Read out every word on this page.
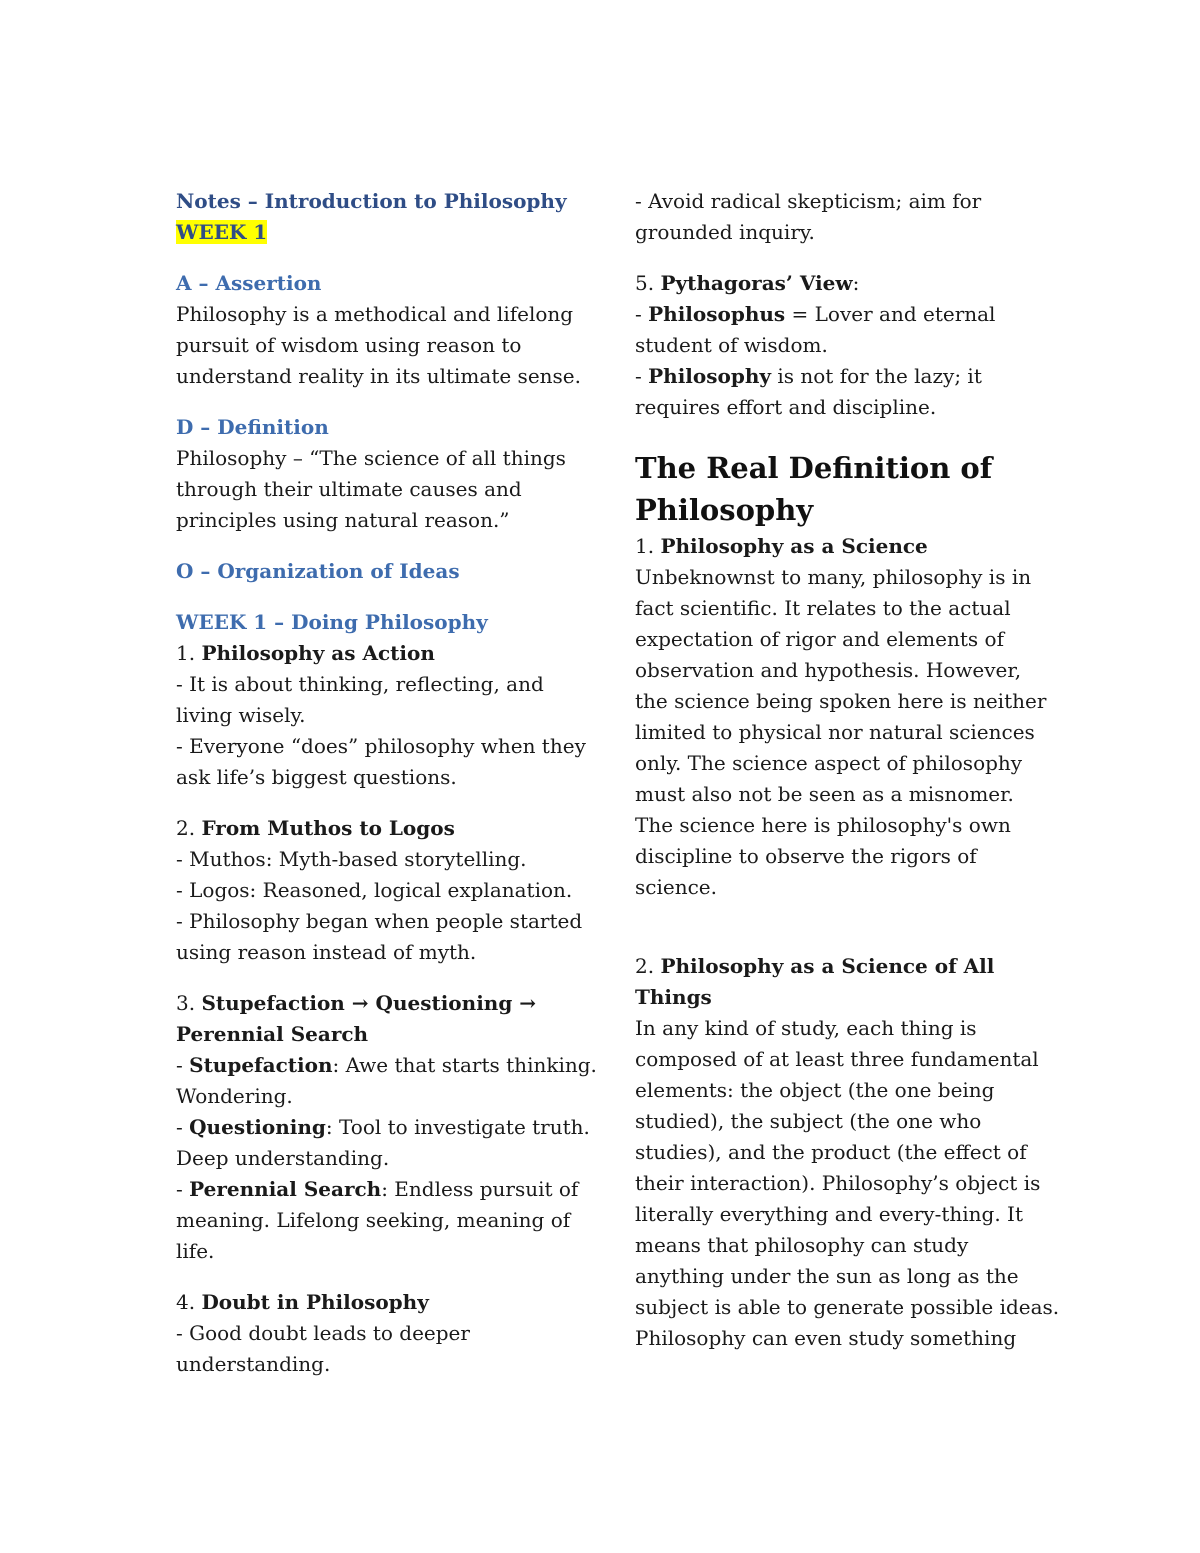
Notes – Introduction to Philosophy
WEEK 1
A – Assertion
Philosophy is a methodical and lifelong
pursuit of wisdom using reason to
understand reality in its ultimate sense.
D – Definition
Philosophy – “The science of all things
through their ultimate causes and
principles using natural reason.”
O – Organization of Ideas
WEEK 1 – Doing Philosophy
1. Philosophy as Action
- It is about thinking, reflecting, and
living wisely.
- Everyone “does” philosophy when they
ask life’s biggest questions.
2. From Muthos to Logos
- Muthos: Myth-based storytelling.
- Logos: Reasoned, logical explanation.
- Philosophy began when people started
using reason instead of myth.
3. Stupefaction → Questioning →
Perennial Search
- Stupefaction: Awe that starts thinking.
Wondering.
- Questioning: Tool to investigate truth.
Deep understanding.
- Perennial Search: Endless pursuit of
meaning. Lifelong seeking, meaning of
life.
4. Doubt in Philosophy
- Good doubt leads to deeper
understanding.
- Avoid radical skepticism; aim for
grounded inquiry.
5. Pythagoras’ View:
- Philosophus = Lover and eternal
student of wisdom.
- Philosophy is not for the lazy; it
requires effort and discipline.
The Real Definition of
Philosophy
1. Philosophy as a Science
Unbeknownst to many, philosophy is in
fact scientific. It relates to the actual
expectation of rigor and elements of
observation and hypothesis. However,
the science being spoken here is neither
limited to physical nor natural sciences
only. The science aspect of philosophy
must also not be seen as a misnomer.
The science here is philosophy's own
discipline to observe the rigors of
science.
2. Philosophy as a Science of All
Things
In any kind of study, each thing is
composed of at least three fundamental
elements: the object (the one being
studied), the subject (the one who
studies), and the product (the effect of
their interaction). Philosophy’s object is
literally everything and every-thing. It
means that philosophy can study
anything under the sun as long as the
subject is able to generate possible ideas.
Philosophy can even study something
